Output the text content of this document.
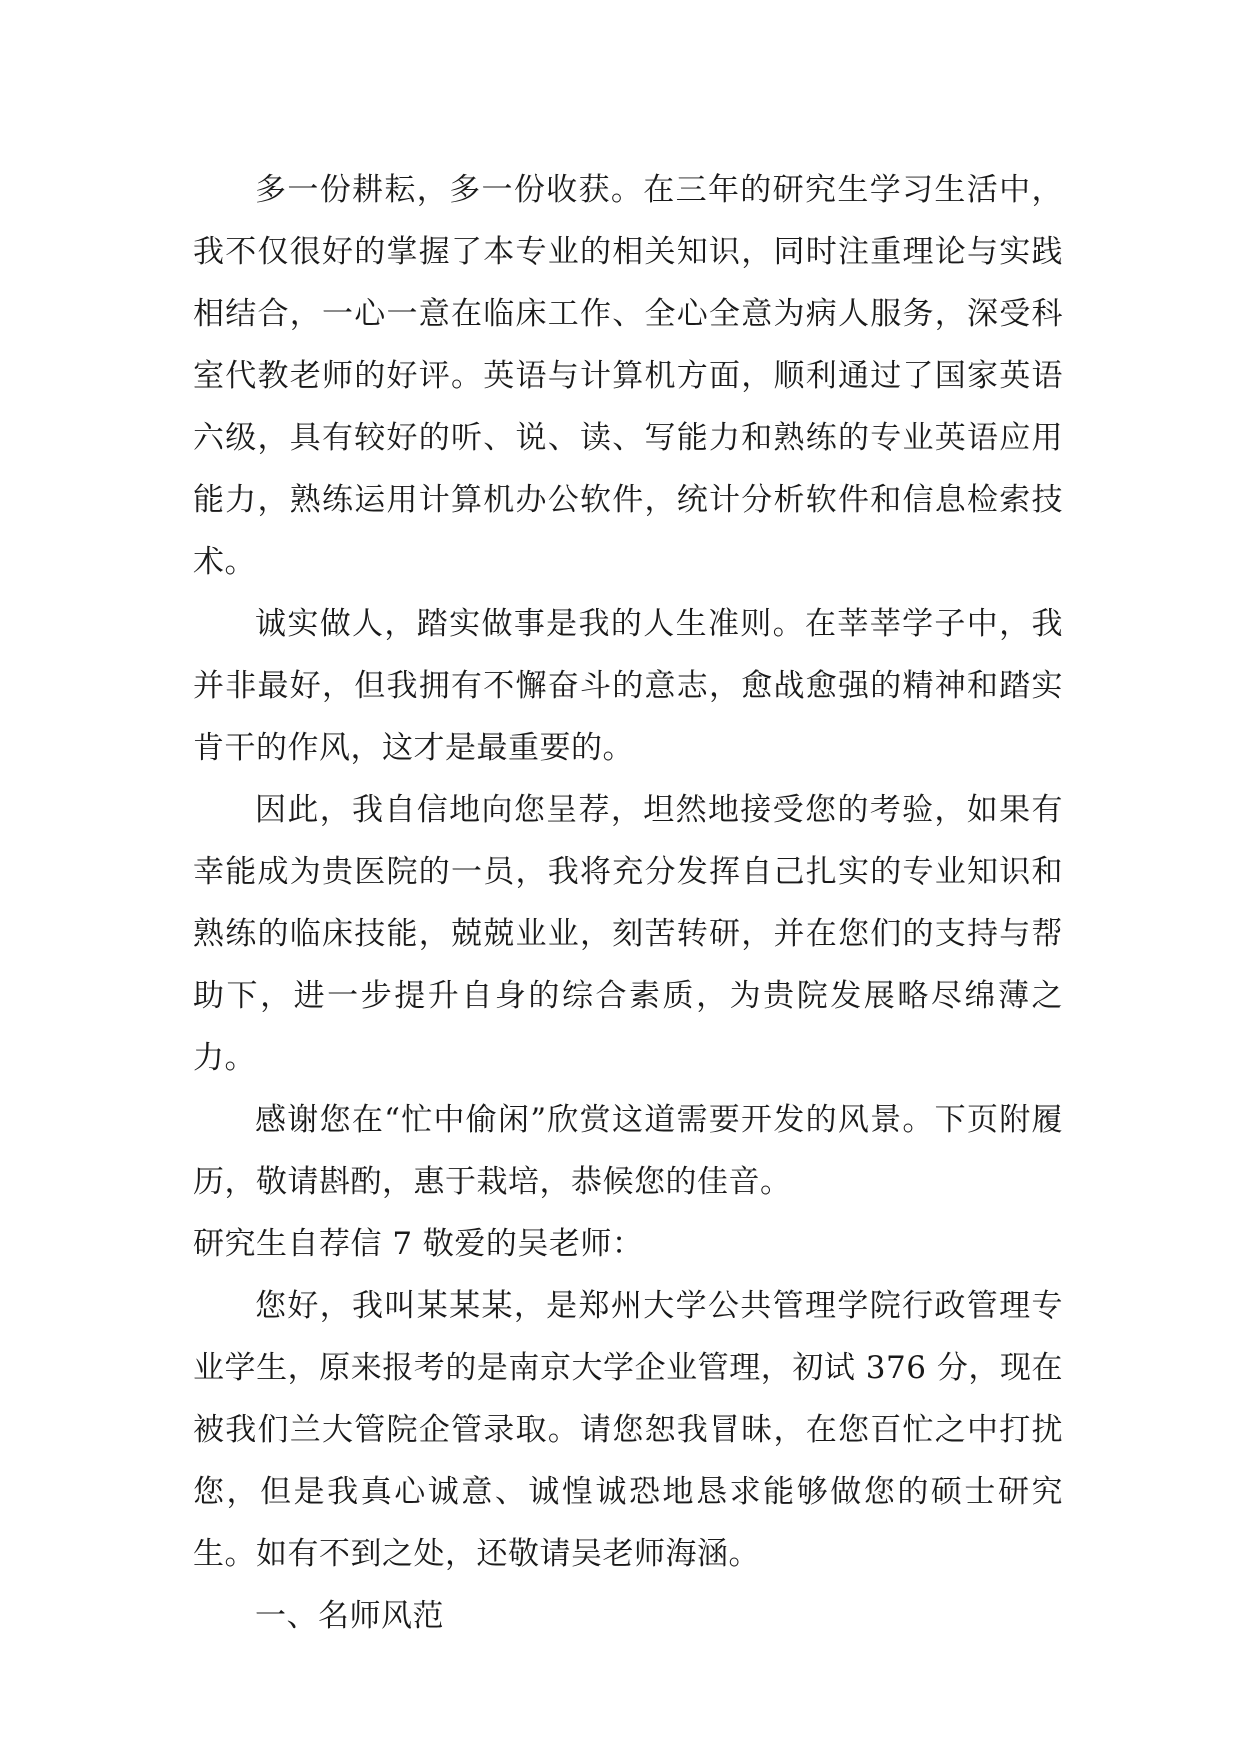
多一份耕耘，多一份收获。在三年的研究生学习生活中，我不仅很好的掌握了本专业的相关知识，同时注重理论与实践相结合，一心一意在临床工作、全心全意为病人服务，深受科室代教老师的好评。英语与计算机方面，顺利通过了国家英语六级，具有较好的听、说、读、写能力和熟练的专业英语应用能力，熟练运用计算机办公软件，统计分析软件和信息检索技术。

诚实做人，踏实做事是我的人生准则。在莘莘学子中，我并非最好，但我拥有不懈奋斗的意志，愈战愈强的精神和踏实肯干的作风，这才是最重要的。

因此，我自信地向您呈荐，坦然地接受您的考验，如果有幸能成为贵医院的一员，我将充分发挥自己扎实的专业知识和熟练的临床技能，兢兢业业，刻苦转研，并在您们的支持与帮助下，进一步提升自身的综合素质，为贵院发展略尽绵薄之力。

感谢您在“忙中偷闲”欣赏这道需要开发的风景。下页附履历，敬请斟酌，惠于栽培，恭候您的佳音。

研究生自荐信 7 敬爱的吴老师：

您好，我叫某某某，是郑州大学公共管理学院行政管理专业学生，原来报考的是南京大学企业管理，初试 376 分，现在被我们兰大管院企管录取。请您恕我冒昧，在您百忙之中打扰您，但是我真心诚意、诚惶诚恐地恳求能够做您的硕士研究生。如有不到之处，还敬请吴老师海涵。

一、名师风范
